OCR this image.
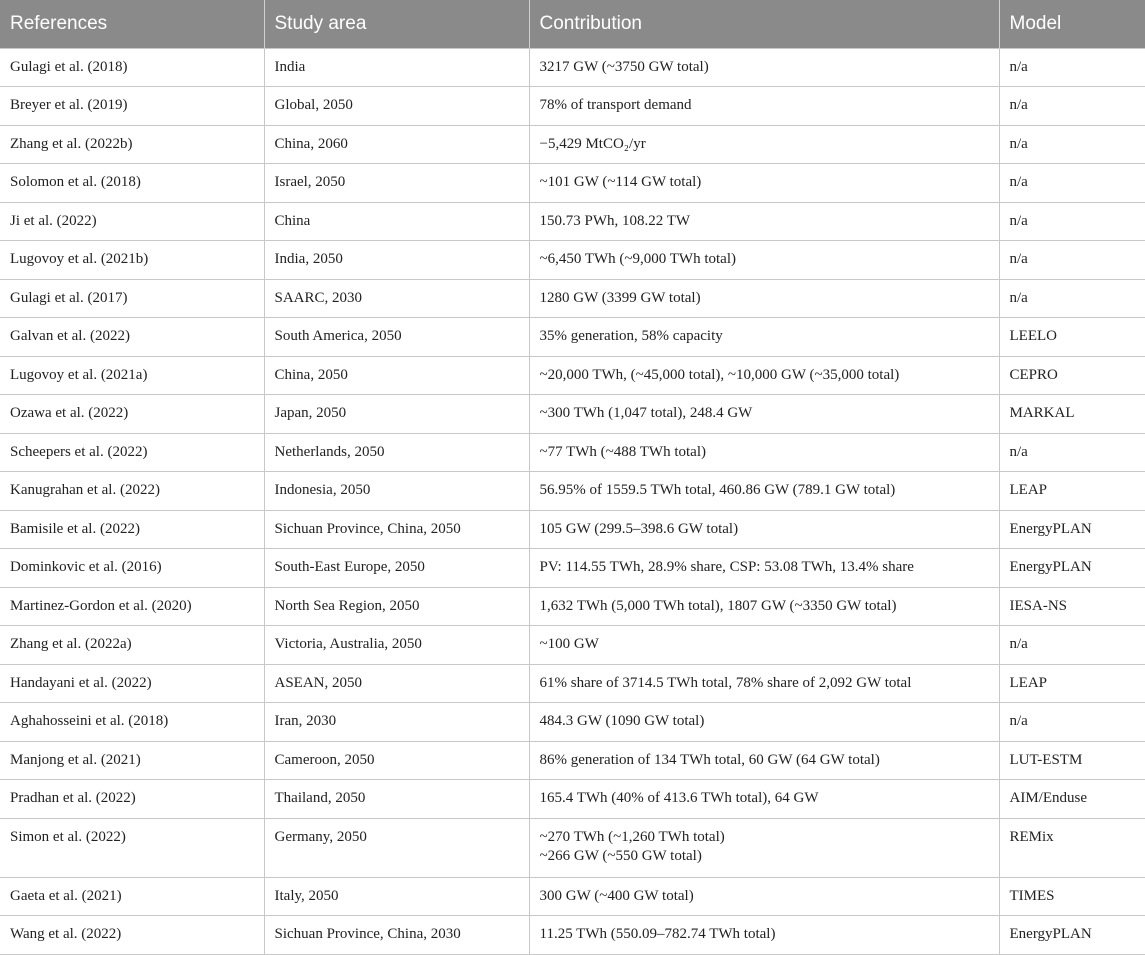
References	Study area	Contribution	Model
Gulagi et al. (2018)	India	3217 GW (~3750 GW total)	n/a
Breyer et al. (2019)	Global, 2050	78% of transport demand	n/a
Zhang et al. (2022b)	China, 2060	−5,429 MtCO₂/yr	n/a
Solomon et al. (2018)	Israel, 2050	~101 GW (~114 GW total)	n/a
Ji et al. (2022)	China	150.73 PWh, 108.22 TW	n/a
Lugovoy et al. (2021b)	India, 2050	~6,450 TWh (~9,000 TWh total)	n/a
Gulagi et al. (2017)	SAARC, 2030	1280 GW (3399 GW total)	n/a
Galvan et al. (2022)	South America, 2050	35% generation, 58% capacity	LEELO
Lugovoy et al. (2021a)	China, 2050	~20,000 TWh, (~45,000 total), ~10,000 GW (~35,000 total)	CEPRO
Ozawa et al. (2022)	Japan, 2050	~300 TWh (1,047 total), 248.4 GW	MARKAL
Scheepers et al. (2022)	Netherlands, 2050	~77 TWh (~488 TWh total)	n/a
Kanugrahan et al. (2022)	Indonesia, 2050	56.95% of 1559.5 TWh total, 460.86 GW (789.1 GW total)	LEAP
Bamisile et al. (2022)	Sichuan Province, China, 2050	105 GW (299.5–398.6 GW total)	EnergyPLAN
Dominkovic et al. (2016)	South-East Europe, 2050	PV: 114.55 TWh, 28.9% share, CSP: 53.08 TWh, 13.4% share	EnergyPLAN
Martinez-Gordon et al. (2020)	North Sea Region, 2050	1,632 TWh (5,000 TWh total), 1807 GW (~3350 GW total)	IESA-NS
Zhang et al. (2022a)	Victoria, Australia, 2050	~100 GW	n/a
Handayani et al. (2022)	ASEAN, 2050	61% share of 3714.5 TWh total, 78% share of 2,092 GW total	LEAP
Aghahosseini et al. (2018)	Iran, 2030	484.3 GW (1090 GW total)	n/a
Manjong et al. (2021)	Cameroon, 2050	86% generation of 134 TWh total, 60 GW (64 GW total)	LUT-ESTM
Pradhan et al. (2022)	Thailand, 2050	165.4 TWh (40% of 413.6 TWh total), 64 GW	AIM/Enduse
Simon et al. (2022)	Germany, 2050	~270 TWh (~1,260 TWh total)
~266 GW (~550 GW total)	REMix
Gaeta et al. (2021)	Italy, 2050	300 GW (~400 GW total)	TIMES
Wang et al. (2022)	Sichuan Province, China, 2030	11.25 TWh (550.09–782.74 TWh total)	EnergyPLAN
